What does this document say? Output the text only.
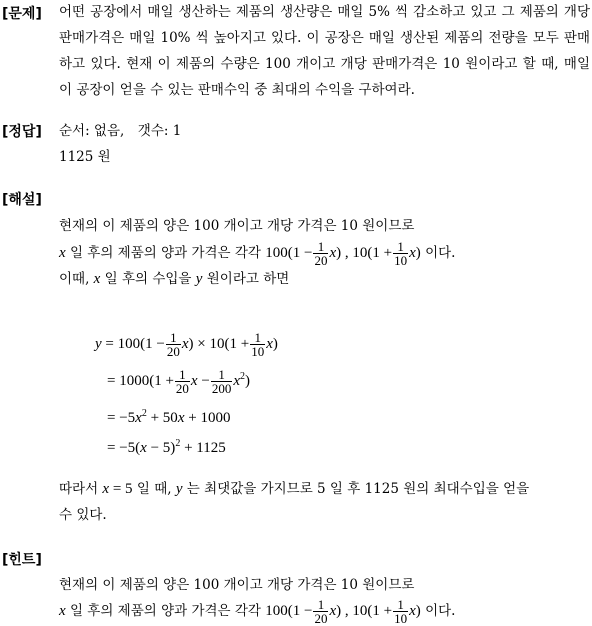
[문제] 어떤 공장에서 매일 생산하는 제품의 생산량은 매일 5% 씩 감소하고 있고 그 제품의 개당 판매가격은 매일 10% 씩 높아지고 있다. 이 공장은 매일 생산된 제품의 전량을 모두 판매하고 있다. 현재 이 제품의 수량은 100 개이고 개당 판매가격은 10 원이라고 할 때, 매일 이 공장이 얻을 수 있는 판매수익 중 최대의 수익을 구하여라.
[정답] 순서: 없음,　갯수: 1
1125 원
[해설]
현재의 이 제품의 양은 100 개이고 개당 가격은 10 원이므로
x 일 후의 제품의 양과 가격은 각각 $100(1 - \frac{1}{20} x)$ , $10(1 + \frac{1}{10} x)$ 이다.
이때, x 일 후의 수입을 y 원이라고 하면
$y = 100(1 - \frac{1}{20} x) \times 10(1 + \frac{1}{10} x)$
= $1000(1 + \frac{1}{20}$ $x - \frac{1}{200} x^2$)
= $-5x^2 + 50x + 1000$
= $-5(x - 5)^2 + 1125$
따라서 x = 5 일 때, y 는 최댓값을 가지므로 5 일 후 1125 원의 최대수입을 얻을
수 있다.
[힌트]
현재의 이 제품의 양은 100 개이고 개당 가격은 10 원이므로
x 일 후의 제품의 양과 가격은 각각 $100(1 - \frac{1}{20} x)$ , $10(1 + \frac{1}{10} x)$ 이다.
